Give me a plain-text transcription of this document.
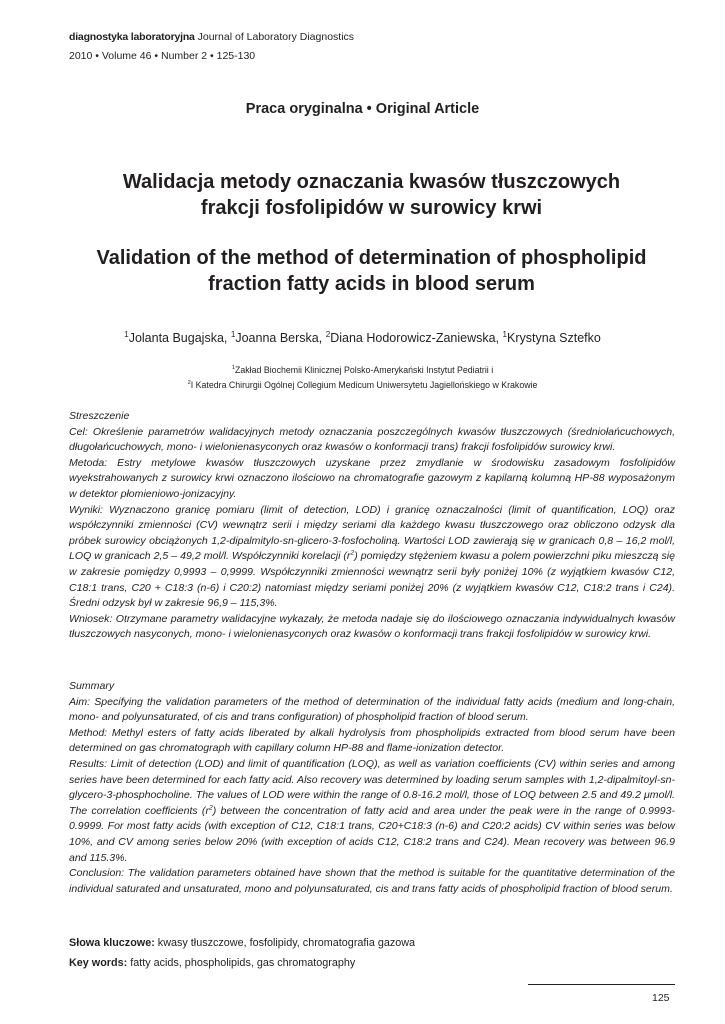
diagnostyka laboratoryjna Journal of Laboratory Diagnostics
2010 • Volume 46 • Number 2 • 125-130
Praca oryginalna • Original Article
Walidacja metody oznaczania kwasów tłuszczowych
frakcji fosfolipidów w surowicy krwi
Validation of the method of determination of phospholipid
fraction fatty acids in blood serum
$^1$Jolanta Bugajska, $^1$Joanna Berska, $^2$Diana Hodorowicz-Zaniewska, $^1$Krystyna Sztefko
$^1$Zakład Biochemii Klinicznej Polsko-Amerykański Instytut Pediatrii i
$^2$I Katedra Chirurgii Ogólnej Collegium Medicum Uniwersytetu Jagiellońskiego w Krakowie

Streszczenie

Cel: Określenie parametrów walidacyjnych metody oznaczania poszczególnych kwasów tłuszczowych (średniołańcuchowych, długołańcuchowych, mono- i wielonienasyconych oraz kwasów o konformacji trans) frakcji fosfolipidów surowicy krwi.

Metoda: Estry metylowe kwasów tłuszczowych uzyskane przez zmydlanie w środowisku zasadowym fosfolipidów wyekstrahowanych z surowicy krwi oznaczono ilościowo na chromatografie gazowym z kapilarną kolumną HP-88 wyposażonym w detektor płomieniowo-jonizacyjny.

Wyniki: Wyznaczono granicę pomiaru (limit of detection, LOD) i granicę oznaczalności (limit of quantification, LOQ) oraz współczynniki zmienności (CV) wewnątrz serii i między seriami dla każdego kwasu tłuszczowego oraz obliczono odzysk dla próbek surowicy obciążonych 1,2-dipalmitylo-sn-glicero-3-fosfocholiną. Wartości LOD zawierają się w granicach 0,8 – 16,2 mol/l, LOQ w granicach 2,5 – 49,2 mol/l. Współczynniki korelacji $(r^2)$ pomiędzy stężeniem kwasu a polem powierzchni piku mieszczą się w zakresie pomiędzy 0,9993 – 0,9999. Współczynniki zmienności wewnątrz serii były poniżej 10% (z wyjątkiem kwasów C12, C18:1 trans, C20 + C18:3 (n-6) i C20:2) natomiast między seriami poniżej 20% (z wyjątkiem kwasów C12, C18:2 trans i C24). Średni odzysk był w zakresie 96,9 – 115,3%.

Wniosek: Otrzymane parametry walidacyjne wykazały, że metoda nadaje się do ilościowego oznaczania indywidualnych kwasów tłuszczowych nasyconych, mono- i wielonienasyconych oraz kwasów o konformacji trans frakcji fosfolipidów w surowicy krwi.

Summary

Aim: Specifying the validation parameters of the method of determination of the individual fatty acids (medium and long-chain, mono- and polyunsaturated, of cis and trans configuration) of phospholipid fraction of blood serum.

Method: Methyl esters of fatty acids liberated by alkali hydrolysis from phospholipids extracted from blood serum have been determined on gas chromatograph with capillary column HP-88 and flame-ionization detector.

Results: Limit of detection (LOD) and limit of quantification (LOQ), as well as variation coefficients (CV) within series and among series have been determined for each fatty acid. Also recovery was determined by loading serum samples with 1,2-dipalmitoyl-sn-glycero-3-phosphocholine. The values of LOD were within the range of 0.8-16.2 mol/l, those of LOQ between 2.5 and 49.2 μmol/l. The correlation coefficients $(r^2)$ between the concentration of fatty acid and area under the peak were in the range of 0.9993-0.9999. For most fatty acids (with exception of C12, C18:1 trans, C20+C18:3 (n-6) and C20:2 acids) CV within series was below 10%, and CV among series below 20% (with exception of acids C12, C18:2 trans and C24). Mean recovery was between 96.9 and 115.3%.

Conclusion: The validation parameters obtained have shown that the method is suitable for the quantitative determination of the individual saturated and unsaturated, mono and polyunsaturated, cis and trans fatty acids of phospholipid fraction of blood serum.

Słowa kluczowe: kwasy tłuszczowe, fosfolipidy, chromatografia gazowa
Key words: fatty acids, phospholipids, gas chromatography
125
